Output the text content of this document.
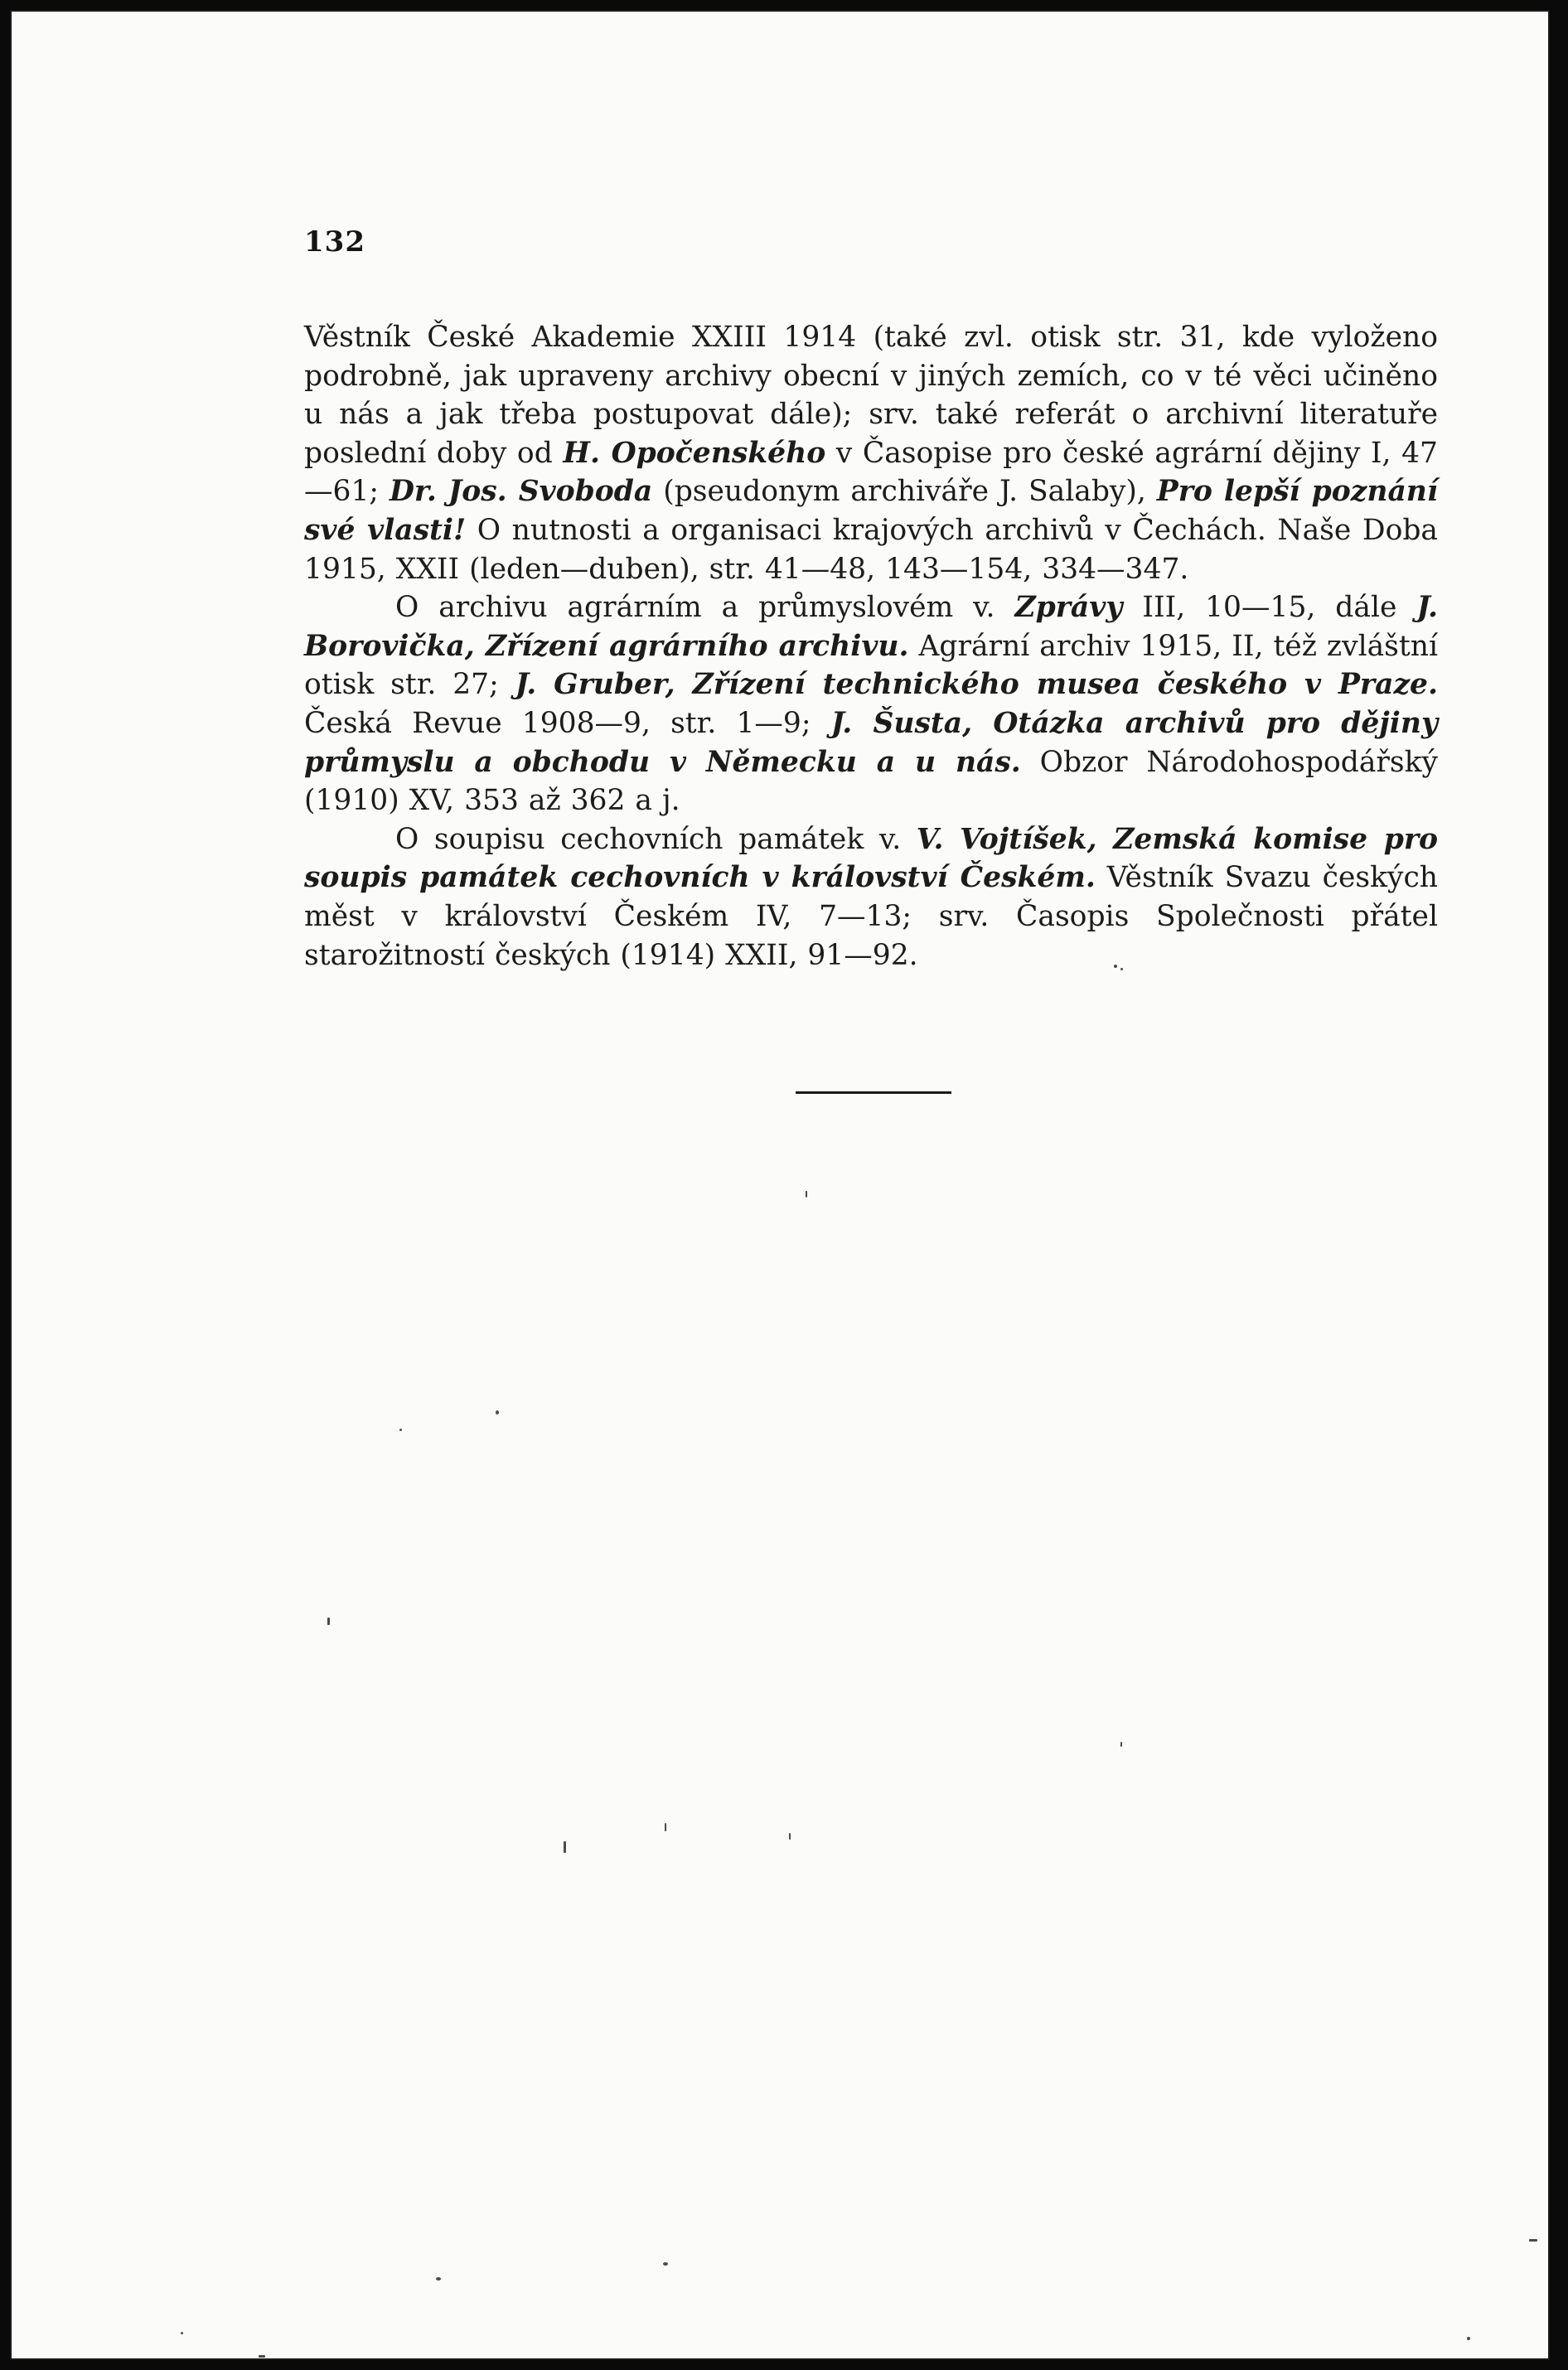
132

Věstník České Akademie XXIII 1914 (také zvl. otisk str. 31, kde vyloženo podrobně, jak upraveny archivy obecní v jiných zemích, co v té věci učiněno u nás a jak třeba postupovat dále); srv. také referát o archivní literatuře poslední doby od H. Opočenského v Časopise pro české agrární dějiny I, 47—61; Dr. Jos. Svoboda (pseudonym archiváře J. Salaby), Pro lepší poznání své vlasti! O nutnosti a organisaci krajových archivů v Čechách. Naše Doba 1915, XXII (leden—duben), str. 41—48, 143—154, 334—347.

O archivu agrárním a průmyslovém v. Zprávy III, 10—15, dále J. Borovička, Zřízení agrárního archivu. Agrární archiv 1915, II, též zvláštní otisk str. 27; J. Gruber, Zřízení technického musea českého v Praze. Česká Revue 1908—9, str. 1—9; J. Šusta, Otázka archivů pro dějiny průmyslu a obchodu v Německu a u nás. Obzor Národohospodářský (1910) XV, 353 až 362 a j.

O soupisu cechovních památek v. V. Vojtíšek, Zemská komise pro soupis památek cechovních v království Českém. Věstník Svazu českých měst v království Českém IV, 7—13; srv. Časopis Společnosti přátel starožitností českých (1914) XXII, 91—92.
